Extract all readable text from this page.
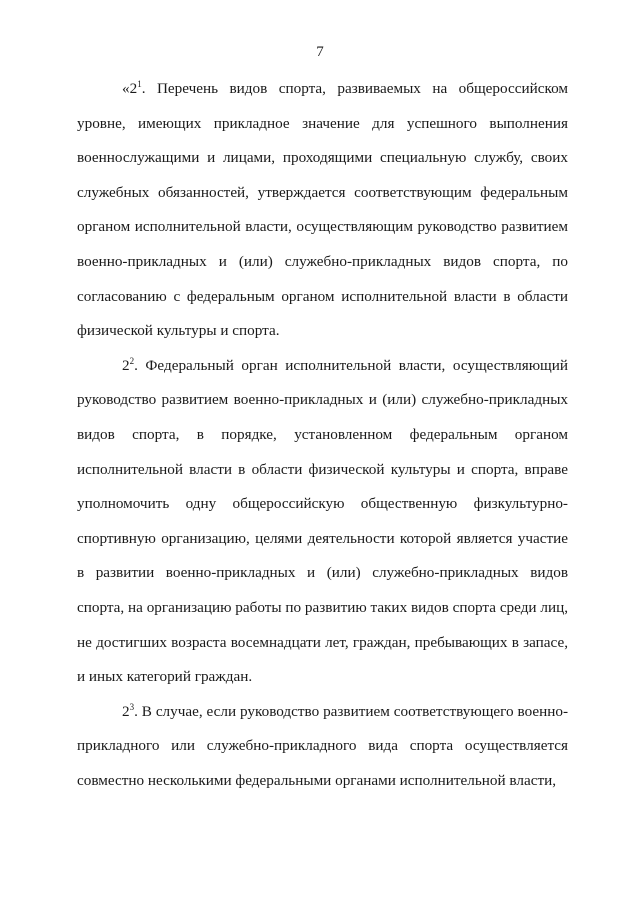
7

«$2^1$. Перечень видов спорта, развиваемых на общероссийском уровне, имеющих прикладное значение для успешного выполнения военнослужащими и лицами, проходящими специальную службу, своих служебных обязанностей, утверждается соответствующим федеральным органом исполнительной власти, осуществляющим руководство развитием военно-прикладных и (или) служебно-прикладных видов спорта, по согласованию с федеральным органом исполнительной власти в области физической культуры и спорта.

$2^2$. Федеральный орган исполнительной власти, осуществляющий руководство развитием военно-прикладных и (или) служебно-прикладных видов спорта, в порядке, установленном федеральным органом исполнительной власти в области физической культуры и спорта, вправе уполномочить одну общероссийскую общественную физкультурно-спортивную организацию, целями деятельности которой является участие в развитии военно-прикладных и (или) служебно-прикладных видов спорта, на организацию работы по развитию таких видов спорта среди лиц, не достигших возраста восемнадцати лет, граждан, пребывающих в запасе, и иных категорий граждан.

$2^3$. В случае, если руководство развитием соответствующего военно-прикладного или служебно-прикладного вида спорта осуществляется совместно несколькими федеральными органами исполнительной власти,
